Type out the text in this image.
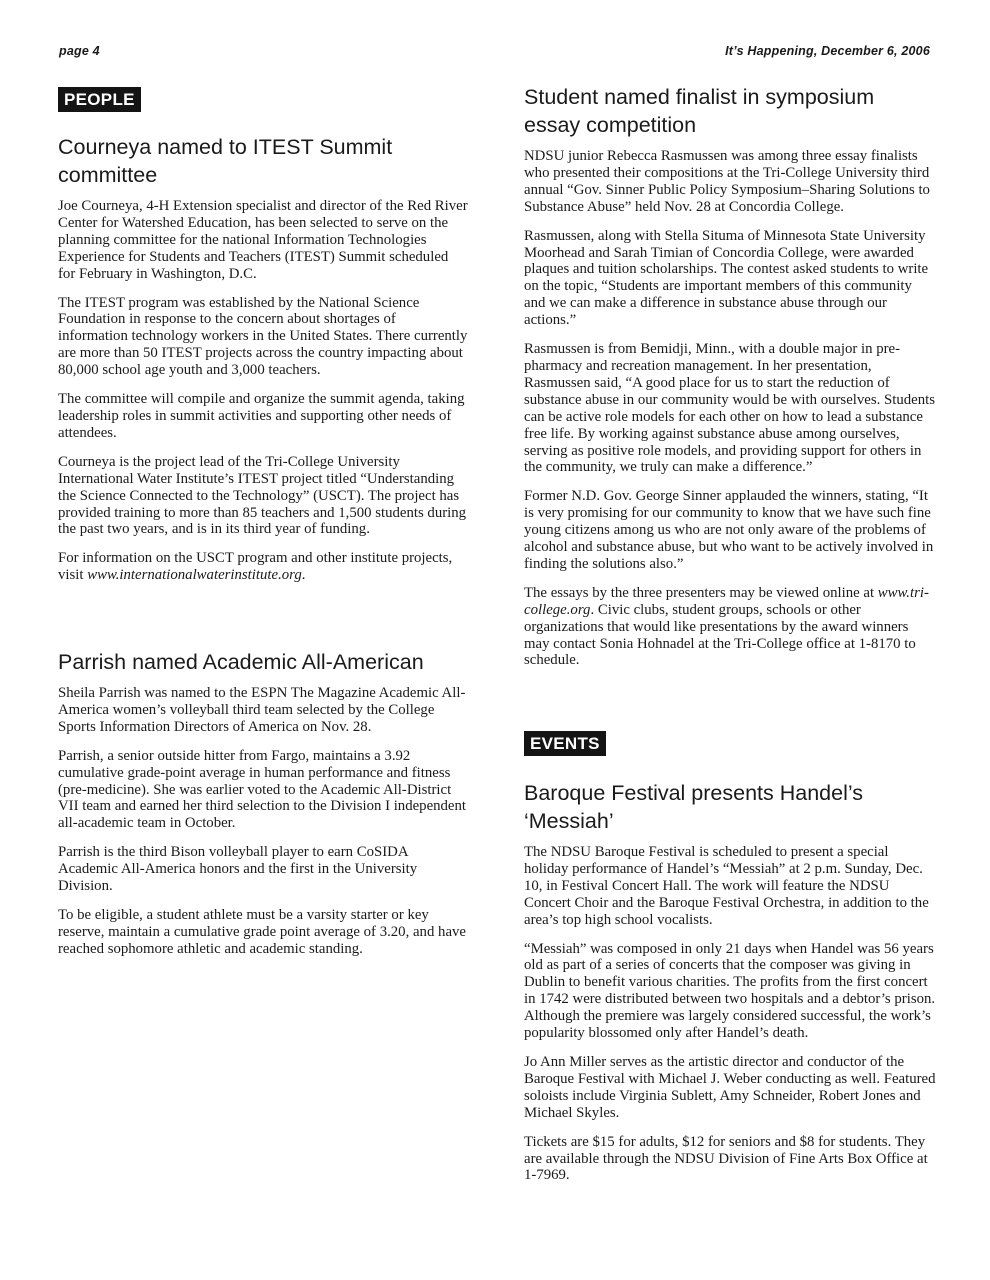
page 4	It’s Happening, December 6, 2006
PEOPLE
Courneya named to ITEST Summit committee

Joe Courneya, 4-H Extension specialist and director of the Red River Center for Watershed Education, has been selected to serve on the planning committee for the national Information Technologies Experience for Students and Teachers (ITEST) Summit scheduled for February in Washington, D.C.

The ITEST program was established by the National Science Foundation in response to the concern about shortages of information technology workers in the United States. There currently are more than 50 ITEST projects across the country impacting about 80,000 school age youth and 3,000 teachers.

The committee will compile and organize the summit agenda, taking leadership roles in summit activities and supporting other needs of attendees.

Courneya is the project lead of the Tri-College University International Water Institute’s ITEST project titled “Understanding the Science Connected to the Technology” (USCT). The project has provided training to more than 85 teachers and 1,500 students during the past two years, and is in its third year of funding.

For information on the USCT program and other institute projects, visit www.internationalwaterinstitute.org.

Parrish named Academic All-American

Sheila Parrish was named to the ESPN The Magazine Academic All-America women’s volleyball third team selected by the College Sports Information Directors of America on Nov. 28.

Parrish, a senior outside hitter from Fargo, maintains a 3.92 cumulative grade-point average in human performance and fitness (pre-medicine). She was earlier voted to the Academic All-District VII team and earned her third selection to the Division I independent all-academic team in October.

Parrish is the third Bison volleyball player to earn CoSIDA Academic All-America honors and the first in the University Division.

To be eligible, a student athlete must be a varsity starter or key reserve, maintain a cumulative grade point average of 3.20, and have reached sophomore athletic and academic standing.

Student named finalist in symposium essay competition

NDSU junior Rebecca Rasmussen was among three essay finalists who presented their compositions at the Tri-College University third annual “Gov. Sinner Public Policy Symposium–Sharing Solutions to Substance Abuse” held Nov. 28 at Concordia College.

Rasmussen, along with Stella Situma of Minnesota State University Moorhead and Sarah Timian of Concordia College, were awarded plaques and tuition scholarships. The contest asked students to write on the topic, “Students are important members of this community and we can make a difference in substance abuse through our actions.”

Rasmussen is from Bemidji, Minn., with a double major in pre-pharmacy and recreation management. In her presentation, Rasmussen said, “A good place for us to start the reduction of substance abuse in our community would be with ourselves. Students can be active role models for each other on how to lead a substance free life. By working against substance abuse among ourselves, serving as positive role models, and providing support for others in the community, we truly can make a difference.”

Former N.D. Gov. George Sinner applauded the winners, stating, “It is very promising for our community to know that we have such fine young citizens among us who are not only aware of the problems of alcohol and substance abuse, but who want to be actively involved in finding the solutions also.”

The essays by the three presenters may be viewed online at www.tri-college.org. Civic clubs, student groups, schools or other organizations that would like presentations by the award winners may contact Sonia Hohnadel at the Tri-College office at 1-8170 to schedule.

EVENTS
Baroque Festival presents Handel’s ‘Messiah’

The NDSU Baroque Festival is scheduled to present a special holiday performance of Handel’s “Messiah” at 2 p.m. Sunday, Dec. 10, in Festival Concert Hall. The work will feature the NDSU Concert Choir and the Baroque Festival Orchestra, in addition to the area’s top high school vocalists.

“Messiah” was composed in only 21 days when Handel was 56 years old as part of a series of concerts that the composer was giving in Dublin to benefit various charities. The profits from the first concert in 1742 were distributed between two hospitals and a debtor’s prison. Although the premiere was largely considered successful, the work’s popularity blossomed only after Handel’s death.

Jo Ann Miller serves as the artistic director and conductor of the Baroque Festival with Michael J. Weber conducting as well. Featured soloists include Virginia Sublett, Amy Schneider, Robert Jones and Michael Skyles.

Tickets are $15 for adults, $12 for seniors and $8 for students. They are available through the NDSU Division of Fine Arts Box Office at 1-7969.
